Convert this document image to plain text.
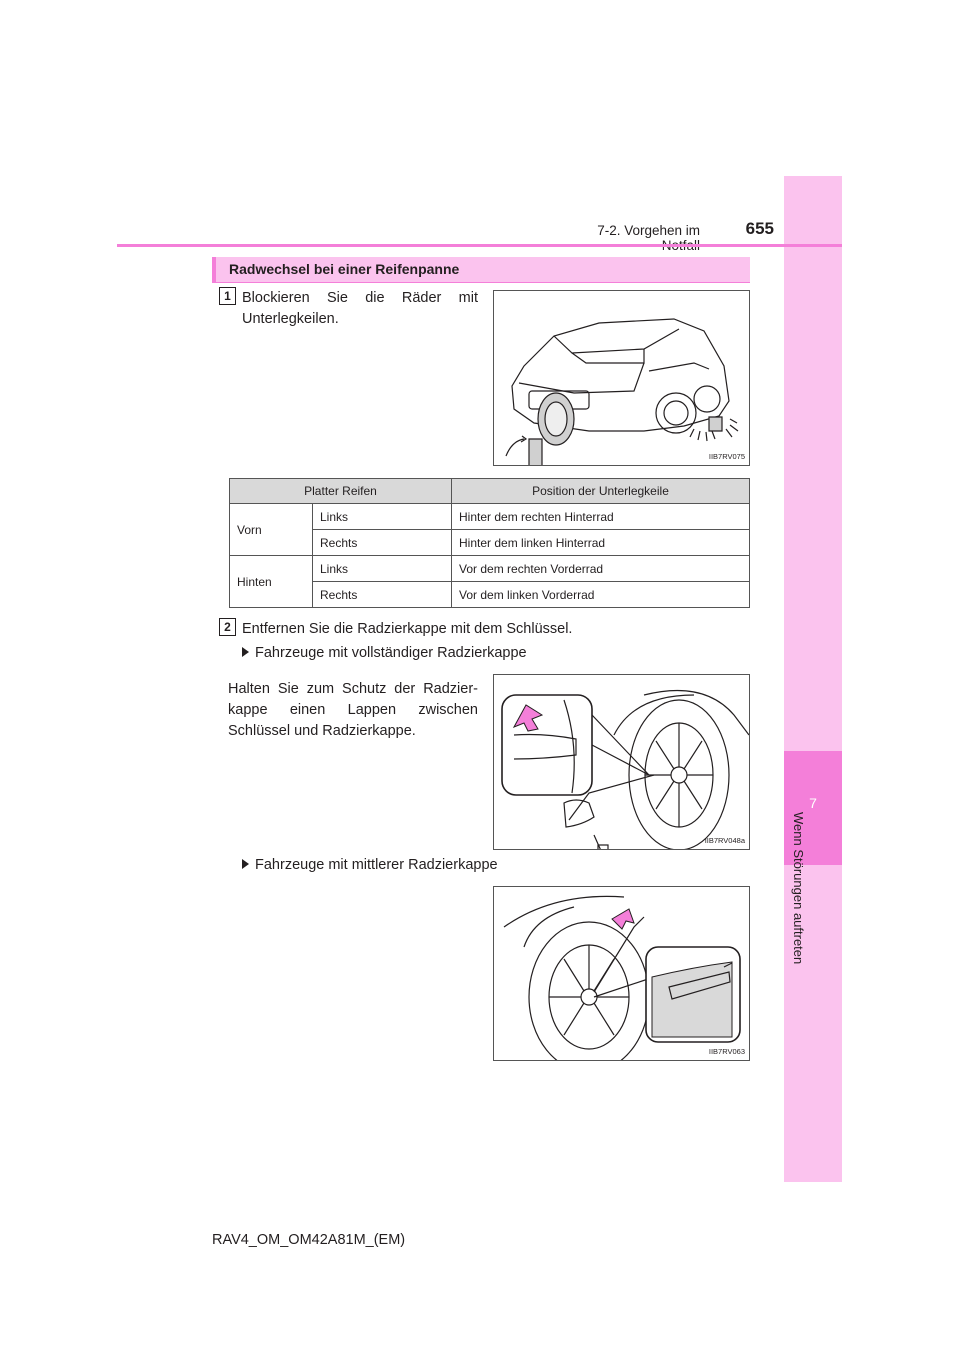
7
Wenn Störungen auftreten
7-2. Vorgehen im	655
Radwechsel bei einer Reifenpanne
1 Blockieren Sie die Räder mit
Unterlegkeilen.
IIB7RV075
Platter Reifen		Position der Unterlegkeile
Vorn	Links	Hinter dem rechten Hinterrad
	Rechts	Hinter dem linken Hinterrad
Hinten	Links	Vor dem rechten Vorderrad
	Rechts	Vor dem linken Vorderrad
2 Entfernen Sie die Radzierkappe mit dem Schlüssel.
Fahrzeuge mit vollständiger Radzierkappe
Halten Sie zum Schutz der Radzier-
kappe einen Lappen zwischen
Schlüssel und Radzierkappe.
IIB7RV048a
Fahrzeuge mit mittlerer Radzierkappe
IIB7RV063
RAV4_OM_OM42A81M_(EM)
